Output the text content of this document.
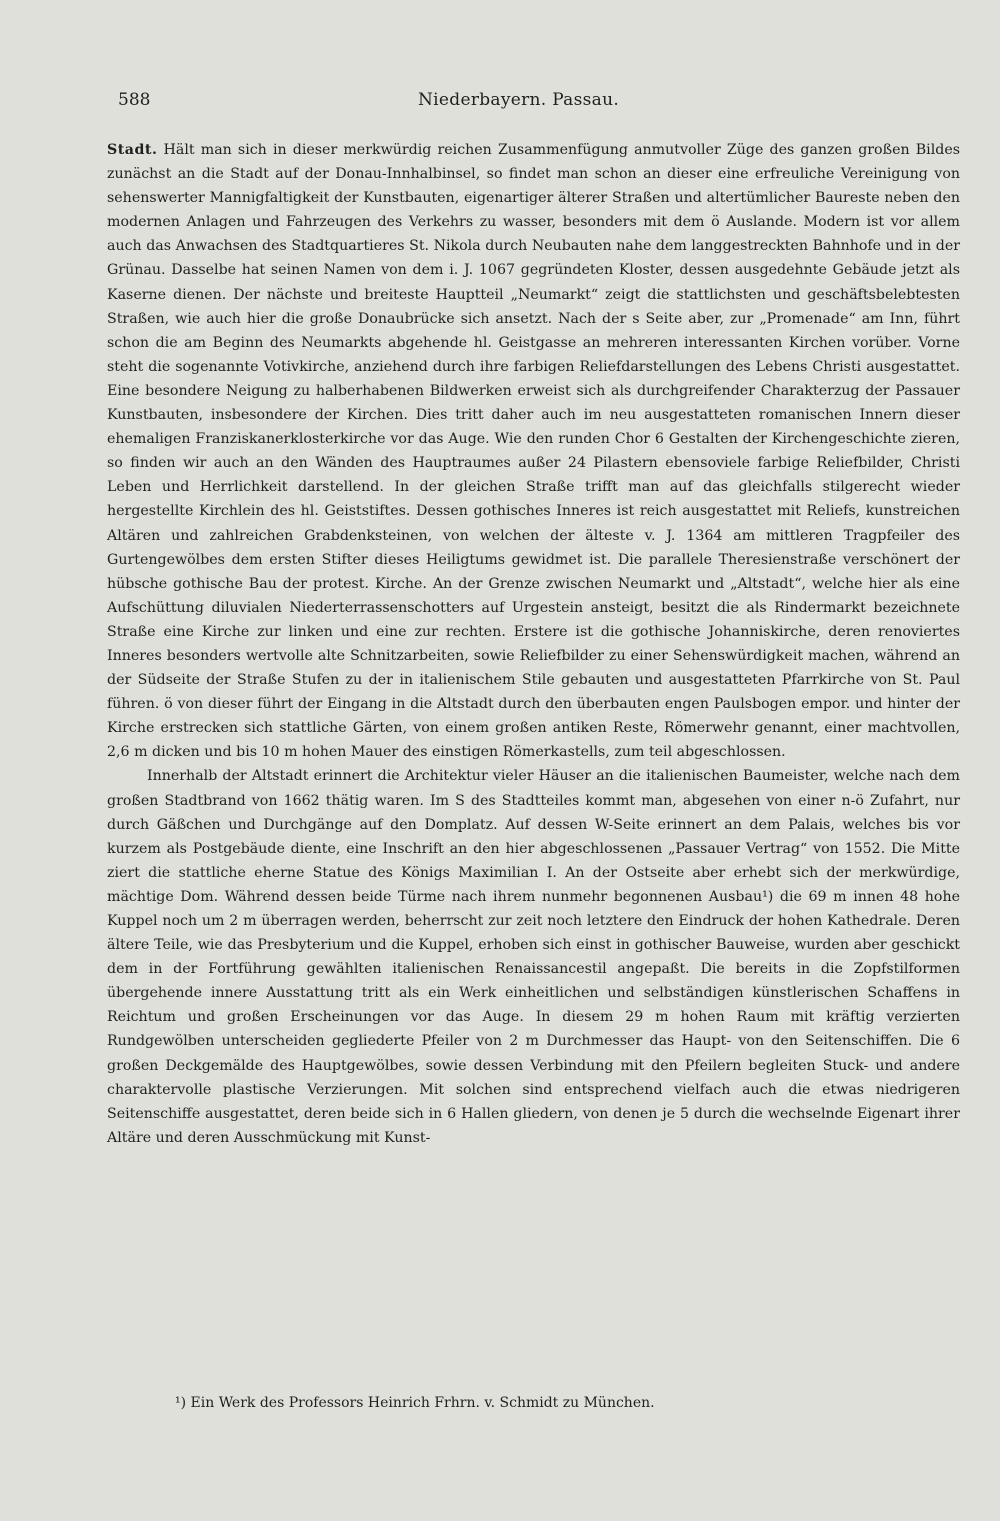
588	Niederbayern. Passau.

Stadt. Hält man sich in dieser merkwürdig reichen Zusammenfügung anmutvoller Züge des ganzen großen Bildes zunächst an die Stadt auf der Donau-Innhalbinsel, so findet man schon an dieser eine erfreuliche Vereinigung von sehenswerter Mannigfaltigkeit der Kunstbauten, eigenartiger älterer Straßen und altertümlicher Baureste neben den modernen Anlagen und Fahrzeugen des Verkehrs zu wasser, besonders mit dem ö Auslande. Modern ist vor allem auch das Anwachsen des Stadtquartieres St. Nikola durch Neubauten nahe dem langgestreckten Bahnhofe und in der Grünau. Dasselbe hat seinen Namen von dem i. J. 1067 gegründeten Kloster, dessen ausgedehnte Gebäude jetzt als Kaserne dienen. Der nächste und breiteste Hauptteil „Neumarkt“ zeigt die stattlichsten und geschäftsbelebtesten Straßen, wie auch hier die große Donaubrücke sich ansetzt. Nach der s Seite aber, zur „Promenade“ am Inn, führt schon die am Beginn des Neumarkts abgehende hl. Geistgasse an mehreren interessanten Kirchen vorüber. Vorne steht die sogenannte Votivkirche, anziehend durch ihre farbigen Reliefdarstellungen des Lebens Christi ausgestattet. Eine besondere Neigung zu halberhabenen Bildwerken erweist sich als durchgreifender Charakterzug der Passauer Kunstbauten, insbesondere der Kirchen. Dies tritt daher auch im neu ausgestatteten romanischen Innern dieser ehemaligen Franziskanerklosterkirche vor das Auge. Wie den runden Chor 6 Gestalten der Kirchengeschichte zieren, so finden wir auch an den Wänden des Hauptraumes außer 24 Pilastern ebensoviele farbige Reliefbilder, Christi Leben und Herrlichkeit darstellend. In der gleichen Straße trifft man auf das gleichfalls stilgerecht wieder hergestellte Kirchlein des hl. Geiststiftes. Dessen gothisches Inneres ist reich ausgestattet mit Reliefs, kunstreichen Altären und zahlreichen Grabdenksteinen, von welchen der älteste v. J. 1364 am mittleren Tragpfeiler des Gurtengewölbes dem ersten Stifter dieses Heiligtums gewidmet ist. Die parallele Theresienstraße verschönert der hübsche gothische Bau der protest. Kirche. An der Grenze zwischen Neumarkt und „Altstadt“, welche hier als eine Aufschüttung diluvialen Niederterrassenschotters auf Urgestein ansteigt, besitzt die als Rindermarkt bezeichnete Straße eine Kirche zur linken und eine zur rechten. Erstere ist die gothische Johanniskirche, deren renoviertes Inneres besonders wertvolle alte Schnitzarbeiten, sowie Reliefbilder zu einer Sehenswürdigkeit machen, während an der Südseite der Straße Stufen zu der in italienischem Stile gebauten und ausgestatteten Pfarrkirche von St. Paul führen. ö von dieser führt der Eingang in die Altstadt durch den überbauten engen Paulsbogen empor. und hinter der Kirche erstrecken sich stattliche Gärten, von einem großen antiken Reste, Römerwehr genannt, einer machtvollen, 2,6 m dicken und bis 10 m hohen Mauer des einstigen Römerkastells, zum teil abgeschlossen.

Innerhalb der Altstadt erinnert die Architektur vieler Häuser an die italienischen Baumeister, welche nach dem großen Stadtbrand von 1662 thätig waren. Im S des Stadtteiles kommt man, abgesehen von einer n-ö Zufahrt, nur durch Gäßchen und Durchgänge auf den Domplatz. Auf dessen W-Seite erinnert an dem Palais, welches bis vor kurzem als Postgebäude diente, eine Inschrift an den hier abgeschlossenen „Passauer Vertrag“ von 1552. Die Mitte ziert die stattliche eherne Statue des Königs Maximilian I. An der Ostseite aber erhebt sich der merkwürdige, mächtige Dom. Während dessen beide Türme nach ihrem nunmehr begonnenen Ausbau¹) die 69 m innen 48 hohe Kuppel noch um 2 m überragen werden, beherrscht zur zeit noch letztere den Eindruck der hohen Kathedrale. Deren ältere Teile, wie das Presbyterium und die Kuppel, erhoben sich einst in gothischer Bauweise, wurden aber geschickt dem in der Fortführung gewählten italienischen Renaissancestil angepaßt. Die bereits in die Zopfstilformen übergehende innere Ausstattung tritt als ein Werk einheitlichen und selbständigen künstlerischen Schaffens in Reichtum und großen Erscheinungen vor das Auge. In diesem 29 m hohen Raum mit kräftig verzierten Rundgewölben unterscheiden gegliederte Pfeiler von 2 m Durchmesser das Haupt- von den Seitenschiffen. Die 6 großen Deckgemälde des Hauptgewölbes, sowie dessen Verbindung mit den Pfeilern begleiten Stuck- und andere charaktervolle plastische Verzierungen. Mit solchen sind entsprechend vielfach auch die etwas niedrigeren Seitenschiffe ausgestattet, deren beide sich in 6 Hallen gliedern, von denen je 5 durch die wechselnde Eigenart ihrer Altäre und deren Ausschmückung mit Kunst-

¹) Ein Werk des Professors Heinrich Frhrn. v. Schmidt zu München.
